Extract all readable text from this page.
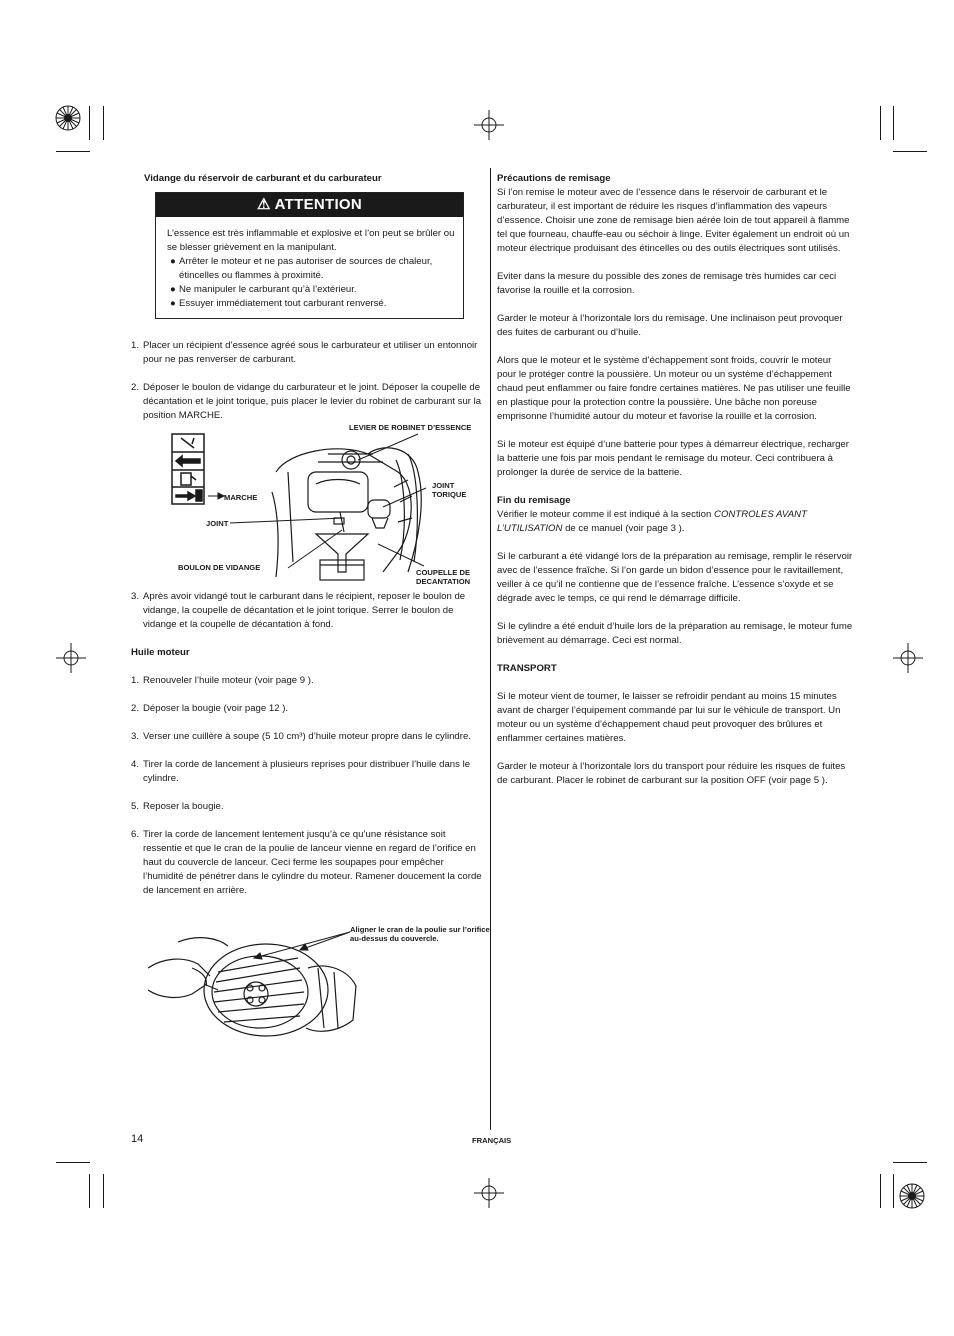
Vidange du réservoir de carburant et du carburateur
⚠ ATTENTION

L’essence est très inflammable et explosive et l’on peut se brûler ou se blesser grièvement en la manipulant.

● Arrêter le moteur et ne pas autoriser de sources de chaleur, étincelles ou flammes à proximité.
● Ne manipuler le carburant qu’à l’extérieur.
● Essuyer immédiatement tout carburant renversé.
1. Placer un récipient d’essence agréé sous le carburateur et utiliser un entonnoir pour ne pas renverser de carburant.
2. Déposer le boulon de vidange du carburateur et le joint. Déposer la coupelle de décantation et le joint torique, puis placer le levier du robinet de carburant sur la position MARCHE.
LEVIER DE ROBINET D’ESSENCE
MARCHE
JOINT TORIQUE
JOINT
BOULON DE VIDANGE
COUPELLE DE DECANTATION
3. Après avoir vidangé tout le carburant dans le récipient, reposer le boulon de vidange, la coupelle de décantation et le joint torique. Serrer le boulon de vidange et la coupelle de décantation à fond.
Huile moteur
1. Renouveler l’huile moteur (voir page 9 ).
2. Déposer la bougie (voir page 12 ).
3. Verser une cuillère à soupe (5 10 cm³) d’huile moteur propre dans le cylindre.
4. Tirer la corde de lancement à plusieurs reprises pour distribuer l’huile dans le cylindre.
5. Reposer la bougie.
6. Tirer la corde de lancement lentement jusqu’à ce qu’une résistance soit ressentie et que le cran de la poulie de lanceur vienne en regard de l’orifice en haut du couvercle de lanceur. Ceci ferme les soupapes pour empêcher l’humidité de pénétrer dans le cylindre du moteur. Ramener doucement la corde de lancement en arrière.
Aligner le cran de la poulie sur l’orifice au-dessus du couvercle.

Précautions de remisage

Si l’on remise le moteur avec de l’essence dans le réservoir de carburant et le carburateur, il est important de réduire les risques d’inflammation des vapeurs d’essence. Choisir une zone de remisage bien aérée loin de tout appareil à flamme tel que fourneau, chauffe-eau ou séchoir à linge. Eviter également un endroit où un moteur électrique produisant des étincelles ou des outils électriques sont utilisés.

Eviter dans la mesure du possible des zones de remisage très humides car ceci favorise la rouille et la corrosion.

Garder le moteur à l’horizontale lors du remisage. Une inclinaison peut provoquer des fuites de carburant ou d’huile.

Alors que le moteur et le système d’échappement sont froids, couvrir le moteur pour le protéger contre la poussière. Un moteur ou un système d’échappement chaud peut enflammer ou faire fondre certaines matières. Ne pas utiliser une feuille en plastique pour la protection contre la poussière. Une bâche non poreuse emprisonne l’humidité autour du moteur et favorise la rouille et la corrosion.

Si le moteur est équipé d’une batterie pour types à démarreur électrique, recharger la batterie une fois par mois pendant le remisage du moteur. Ceci contribuera à prolonger la durée de service de la batterie.

Fin du remisage

Vérifier le moteur comme il est indiqué à la section CONTROLES AVANT L’UTILISATION de ce manuel (voir page 3 ).

Si le carburant a été vidangé lors de la préparation au remisage, remplir le réservoir avec de l’essence fraîche. Si l’on garde un bidon d’essence pour le ravitaillement, veiller à ce qu’il ne contienne que de l’essence fraîche. L’essence s’oxyde et se dégrade avec le temps, ce qui rend le démarrage difficile.

Si le cylindre a été enduit d’huile lors de la préparation au remisage, le moteur fume brièvement au démarrage. Ceci est normal.

TRANSPORT

Si le moteur vient de tourner, le laisser se refroidir pendant au moins 15 minutes avant de charger l’équipement commandé par lui sur le véhicule de transport. Un moteur ou un système d’échappement chaud peut provoquer des brûlures et enflammer certaines matières.

Garder le moteur à l’horizontale lors du transport pour réduire les risques de fuites de carburant. Placer le robinet de carburant sur la position OFF (voir page 5 ).

14	FRANÇAIS
